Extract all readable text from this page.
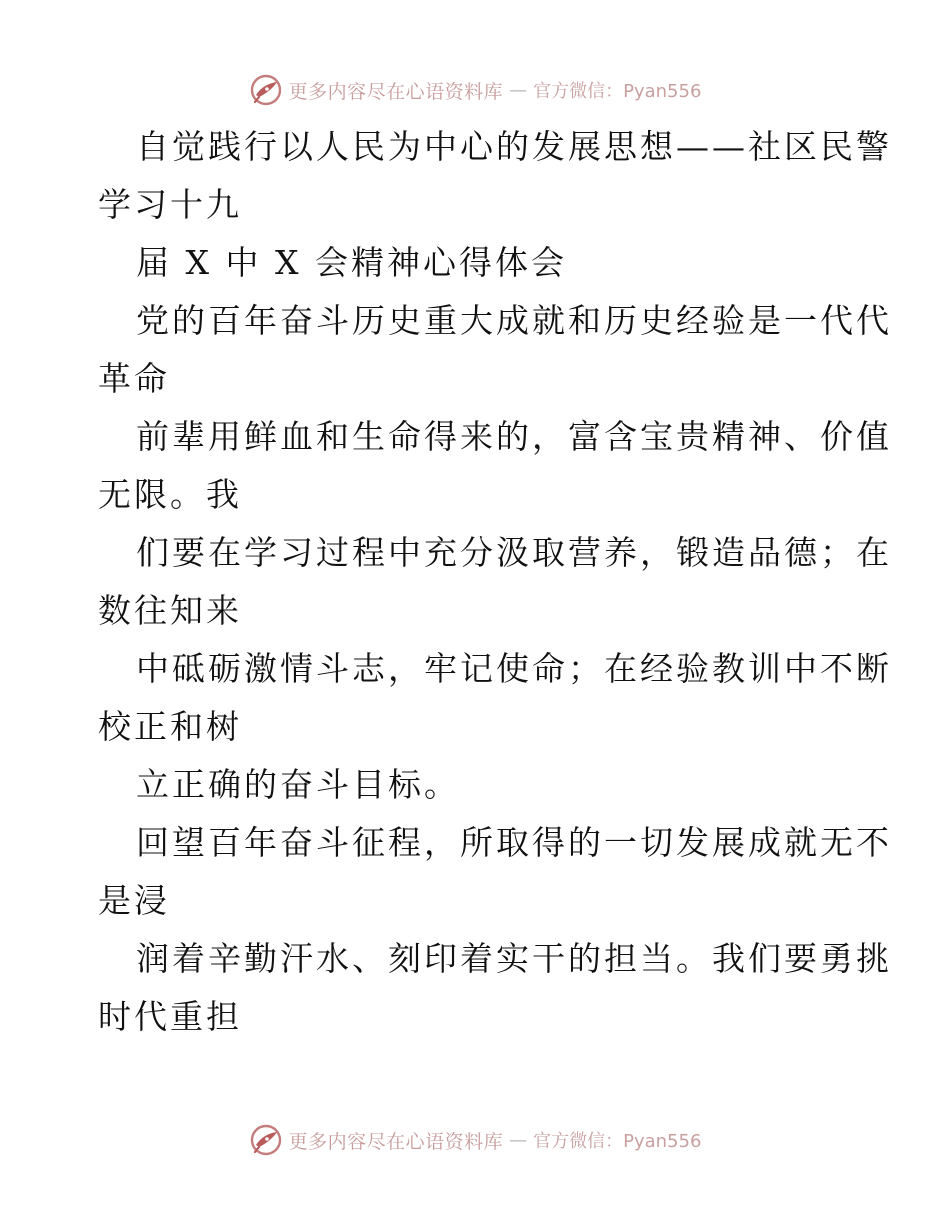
更多内容尽在心语资料库 — 官方微信：Pyan556

自觉践行以人民为中心的发展思想——社区民警
学习十九

届 X 中 X 会精神心得体会

党的百年奋斗历史重大成就和历史经验是一代代
革命

前辈用鲜血和生命得来的，富含宝贵精神、价值
无限。我

们要在学习过程中充分汲取营养，锻造品德；在
数往知来

中砥砺激情斗志，牢记使命；在经验教训中不断
校正和树

立正确的奋斗目标。

回望百年奋斗征程，所取得的一切发展成就无不
是浸

润着辛勤汗水、刻印着实干的担当。我们要勇挑
时代重担

更多内容尽在心语资料库 — 官方微信：Pyan556
